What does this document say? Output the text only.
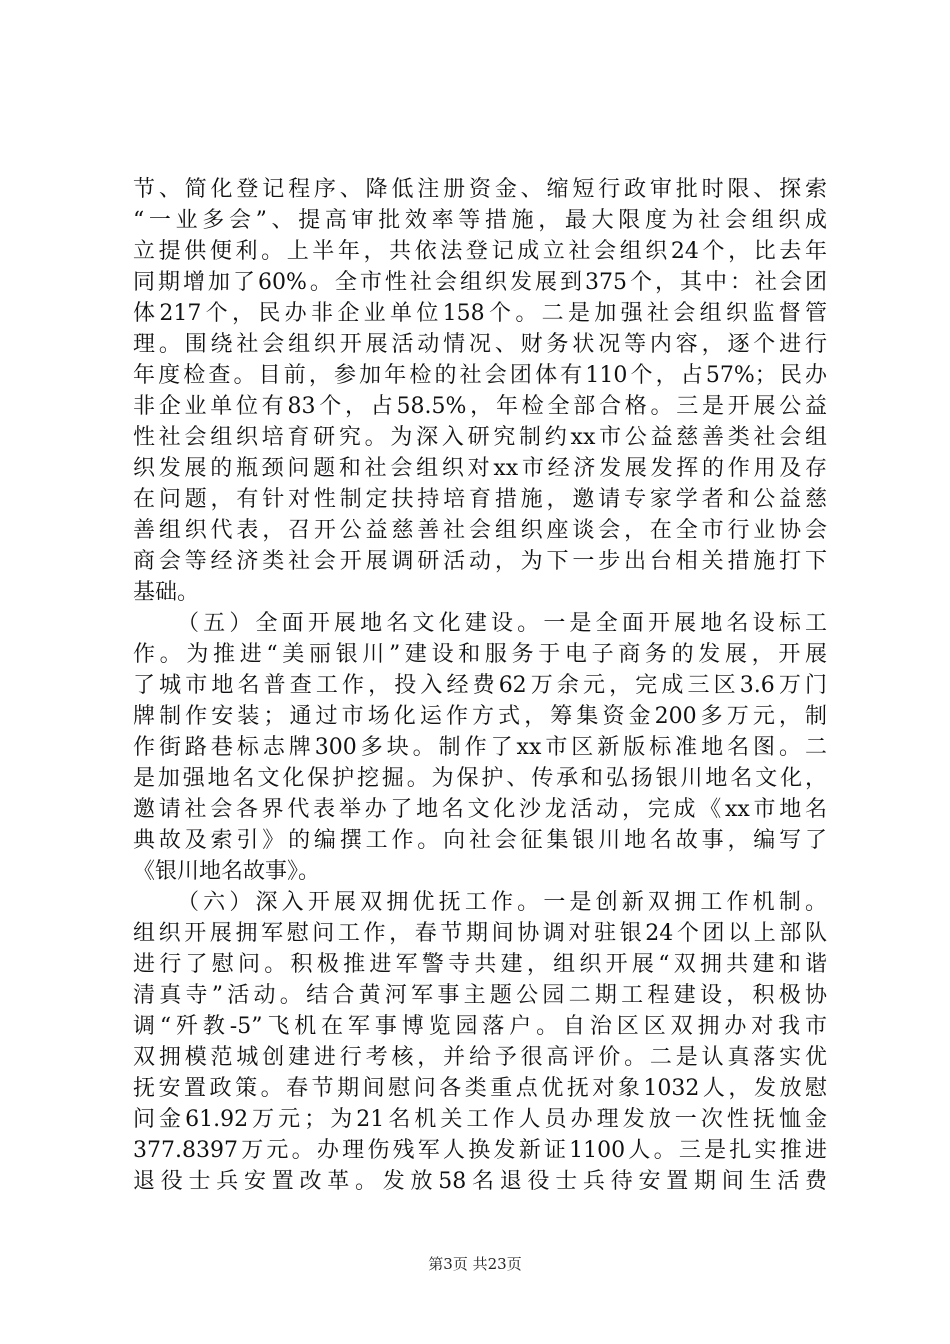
节、简化登记程序、降低注册资金、缩短行政审批时限、探索
“一业多会”、提高审批效率等措施，最大限度为社会组织成
立提供便利。上半年，共依法登记成立社会组织24个，比去年
同期增加了60%。全市性社会组织发展到375个，其中：社会团
体217个，民办非企业单位158个。二是加强社会组织监督管
理。围绕社会组织开展活动情况、财务状况等内容，逐个进行
年度检查。目前，参加年检的社会团体有110个，占57%；民办
非企业单位有83个，占58.5%，年检全部合格。三是开展公益
性社会组织培育研究。为深入研究制约xx市公益慈善类社会组
织发展的瓶颈问题和社会组织对xx市经济发展发挥的作用及存
在问题，有针对性制定扶持培育措施，邀请专家学者和公益慈
善组织代表，召开公益慈善社会组织座谈会，在全市行业协会
商会等经济类社会开展调研活动，为下一步出台相关措施打下
基础。
（五）全面开展地名文化建设。一是全面开展地名设标工
作。为推进“美丽银川”建设和服务于电子商务的发展，开展
了城市地名普查工作，投入经费62万余元，完成三区3.6万门
牌制作安装；通过市场化运作方式，筹集资金200多万元，制
作街路巷标志牌300多块。制作了xx市区新版标准地名图。二
是加强地名文化保护挖掘。为保护、传承和弘扬银川地名文化，
邀请社会各界代表举办了地名文化沙龙活动，完成《xx市地名
典故及索引》的编撰工作。向社会征集银川地名故事，编写了
《银川地名故事》。
（六）深入开展双拥优抚工作。一是创新双拥工作机制。
组织开展拥军慰问工作，春节期间协调对驻银24个团以上部队
进行了慰问。积极推进军警寺共建，组织开展“双拥共建和谐
清真寺”活动。结合黄河军事主题公园二期工程建设，积极协
调“歼教-5”飞机在军事博览园落户。自治区区双拥办对我市
双拥模范城创建进行考核，并给予很高评价。二是认真落实优
抚安置政策。春节期间慰问各类重点优抚对象1032人，发放慰
问金61.92万元；为21名机关工作人员办理发放一次性抚恤金
377.8397万元。办理伤残军人换发新证1100人。三是扎实推进
退役士兵安置改革。发放58名退役士兵待安置期间生活费
第3页 共23页
